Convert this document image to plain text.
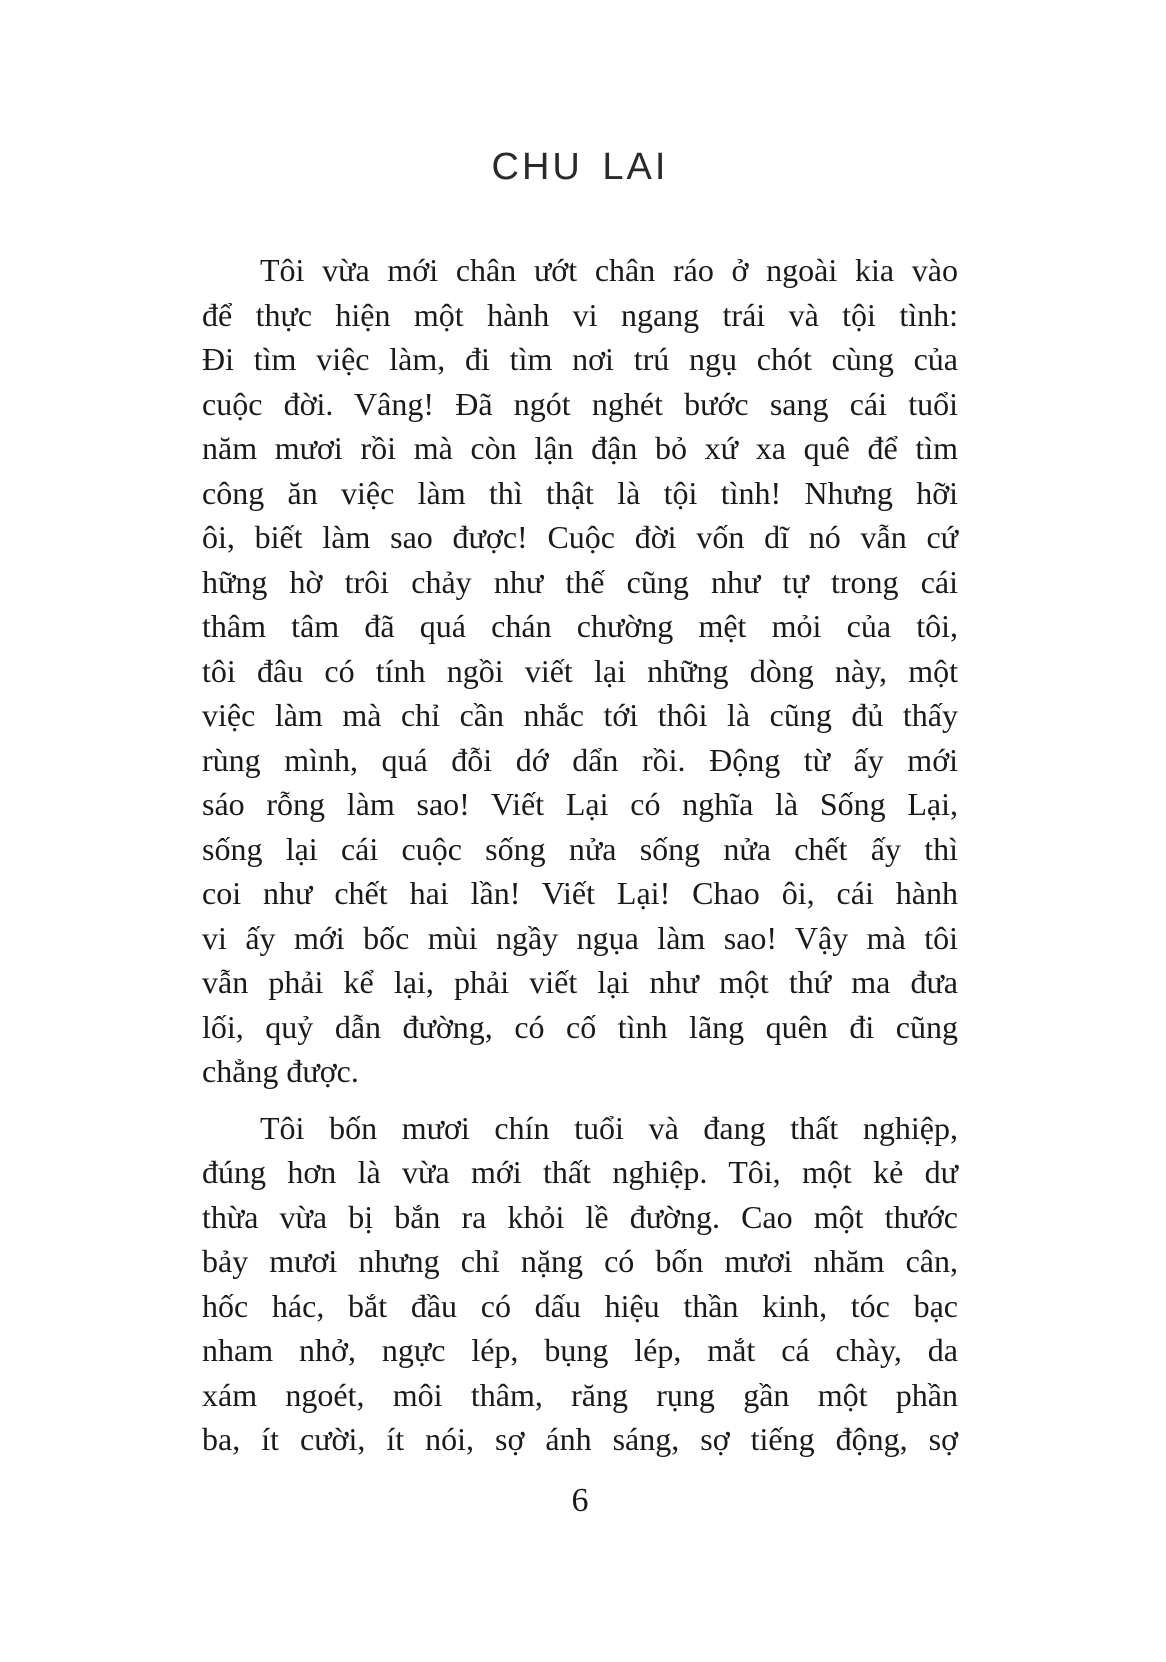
CHU LAI
Tôi vừa mới chân ướt chân ráo ở ngoài kia vào
để thực hiện một hành vi ngang trái và tội tình:
Đi tìm việc làm, đi tìm nơi trú ngụ chót cùng của
cuộc đời. Vâng! Đã ngót nghét bước sang cái tuổi
năm mươi rồi mà còn lận đận bỏ xứ xa quê để tìm
công ăn việc làm thì thật là tội tình! Nhưng hỡi
ôi, biết làm sao được! Cuộc đời vốn dĩ nó vẫn cứ
hững hờ trôi chảy như thế cũng như tự trong cái
thâm tâm đã quá chán chường mệt mỏi của tôi,
tôi đâu có tính ngồi viết lại những dòng này, một
việc làm mà chỉ cần nhắc tới thôi là cũng đủ thấy
rùng mình, quá đỗi dớ dẩn rồi. Động từ ấy mới
sáo rỗng làm sao! Viết Lại có nghĩa là Sống Lại,
sống lại cái cuộc sống nửa sống nửa chết ấy thì
coi như chết hai lần! Viết Lại! Chao ôi, cái hành
vi ấy mới bốc mùi ngầy ngụa làm sao! Vậy mà tôi
vẫn phải kể lại, phải viết lại như một thứ ma đưa
lối, quỷ dẫn đường, có cố tình lãng quên đi cũng
chẳng được.
Tôi bốn mươi chín tuổi và đang thất nghiệp,
đúng hơn là vừa mới thất nghiệp. Tôi, một kẻ dư
thừa vừa bị bắn ra khỏi lề đường. Cao một thước
bảy mươi nhưng chỉ nặng có bốn mươi nhăm cân,
hốc hác, bắt đầu có dấu hiệu thần kinh, tóc bạc
nham nhở, ngực lép, bụng lép, mắt cá chày, da
xám ngoét, môi thâm, răng rụng gần một phần
ba, ít cười, ít nói, sợ ánh sáng, sợ tiếng động, sợ
6
